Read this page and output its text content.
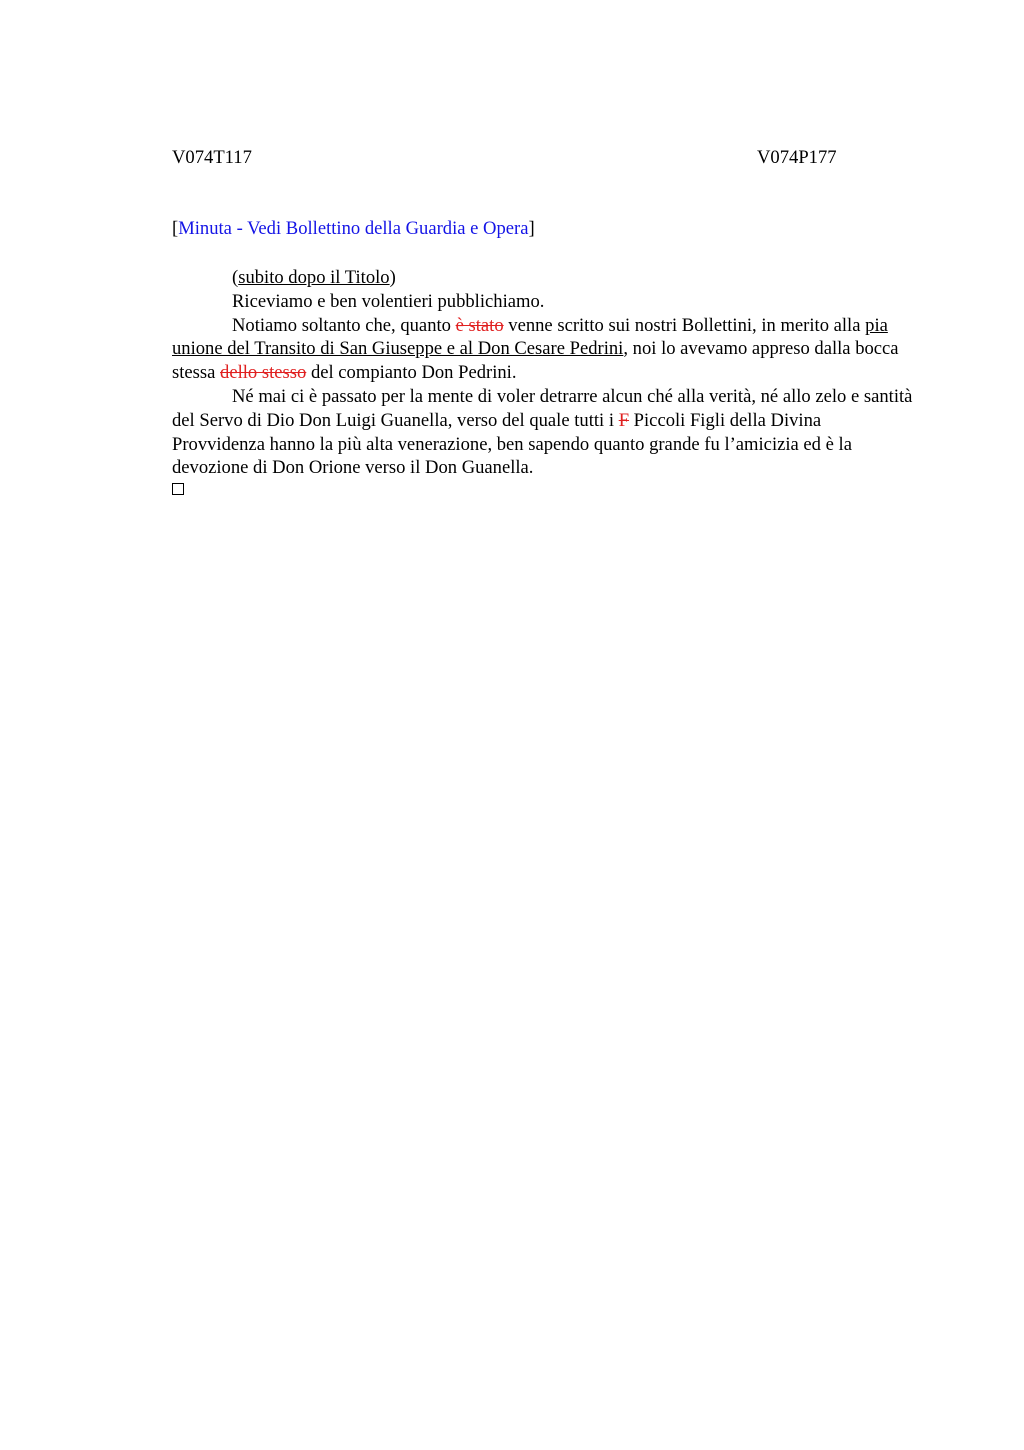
V074T117	V074P177
[Minuta - Vedi Bollettino della Guardia e Opera]

(subito dopo il Titolo)

Riceviamo e ben volentieri pubblichiamo.

Notiamo soltanto che, quanto è stato venne scritto sui nostri Bollettini, in merito alla pia unione del Transito di San Giuseppe e al Don Cesare Pedrini, noi lo avevamo appreso dalla bocca stessa dello stesso del compianto Don Pedrini.

Né mai ci è passato per la mente di voler detrarre alcun ché alla verità, né allo zelo e santità del Servo di Dio Don Luigi Guanella, verso del quale tutti i F Piccoli Figli della Divina Provvidenza hanno la più alta venerazione, ben sapendo quanto grande fu l’amicizia ed è la devozione di Don Orione verso il Don Guanella.
